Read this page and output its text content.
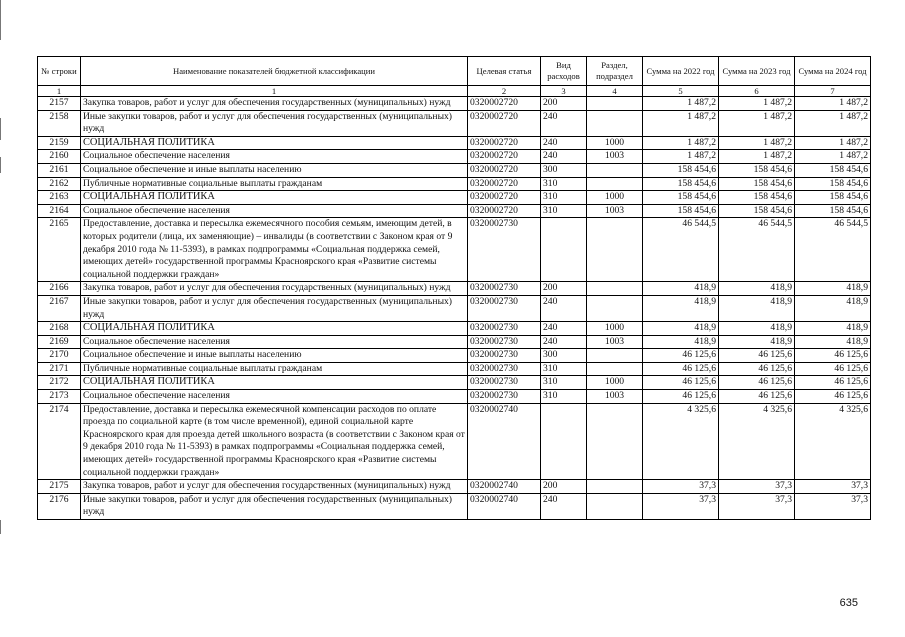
№ строки	Наименование показателей бюджетной классификации	Целевая статья	Вид расходов	Раздел, подраздел	Сумма на 2022 год	Сумма на 2023 год	Сумма на 2024 год
1	1	2	3	4	5	6	7
2157	Закупка товаров, работ и услуг для обеспечения государственных (муниципальных) нужд	0320002720	200		1 487,2	1 487,2	1 487,2
2158	Иные закупки товаров, работ и услуг для обеспечения государственных (муниципальных) нужд	0320002720	240		1 487,2	1 487,2	1 487,2
2159	СОЦИАЛЬНАЯ ПОЛИТИКА	0320002720	240	1000	1 487,2	1 487,2	1 487,2
2160	Социальное обеспечение населения	0320002720	240	1003	1 487,2	1 487,2	1 487,2
2161	Социальное обеспечение и иные выплаты населению	0320002720	300		158 454,6	158 454,6	158 454,6
2162	Публичные нормативные социальные выплаты гражданам	0320002720	310		158 454,6	158 454,6	158 454,6
2163	СОЦИАЛЬНАЯ ПОЛИТИКА	0320002720	310	1000	158 454,6	158 454,6	158 454,6
2164	Социальное обеспечение населения	0320002720	310	1003	158 454,6	158 454,6	158 454,6
2165	Предоставление, доставка и пересылка ежемесячного пособия семьям, имеющим детей, в которых родители (лица, их заменяющие) – инвалиды (в соответствии с Законом края от 9 декабря 2010 года № 11-5393), в рамках подпрограммы «Социальная поддержка семей, имеющих детей» государственной программы Красноярского края «Развитие системы социальной поддержки граждан»	0320002730			46 544,5	46 544,5	46 544,5
2166	Закупка товаров, работ и услуг для обеспечения государственных (муниципальных) нужд	0320002730	200		418,9	418,9	418,9
2167	Иные закупки товаров, работ и услуг для обеспечения государственных (муниципальных) нужд	0320002730	240		418,9	418,9	418,9
2168	СОЦИАЛЬНАЯ ПОЛИТИКА	0320002730	240	1000	418,9	418,9	418,9
2169	Социальное обеспечение населения	0320002730	240	1003	418,9	418,9	418,9
2170	Социальное обеспечение и иные выплаты населению	0320002730	300		46 125,6	46 125,6	46 125,6
2171	Публичные нормативные социальные выплаты гражданам	0320002730	310		46 125,6	46 125,6	46 125,6
2172	СОЦИАЛЬНАЯ ПОЛИТИКА	0320002730	310	1000	46 125,6	46 125,6	46 125,6
2173	Социальное обеспечение населения	0320002730	310	1003	46 125,6	46 125,6	46 125,6
2174	Предоставление, доставка и пересылка ежемесячной компенсации расходов по оплате проезда по социальной карте (в том числе временной), единой социальной карте Красноярского края для проезда детей школьного возраста (в соответствии с Законом края от 9 декабря 2010 года № 11-5393) в рамках подпрограммы «Социальная поддержка семей, имеющих детей» государственной программы Красноярского края «Развитие системы социальной поддержки граждан»	0320002740			4 325,6	4 325,6	4 325,6
2175	Закупка товаров, работ и услуг для обеспечения государственных (муниципальных) нужд	0320002740	200		37,3	37,3	37,3
2176	Иные закупки товаров, работ и услуг для обеспечения государственных (муниципальных) нужд	0320002740	240		37,3	37,3	37,3
635
